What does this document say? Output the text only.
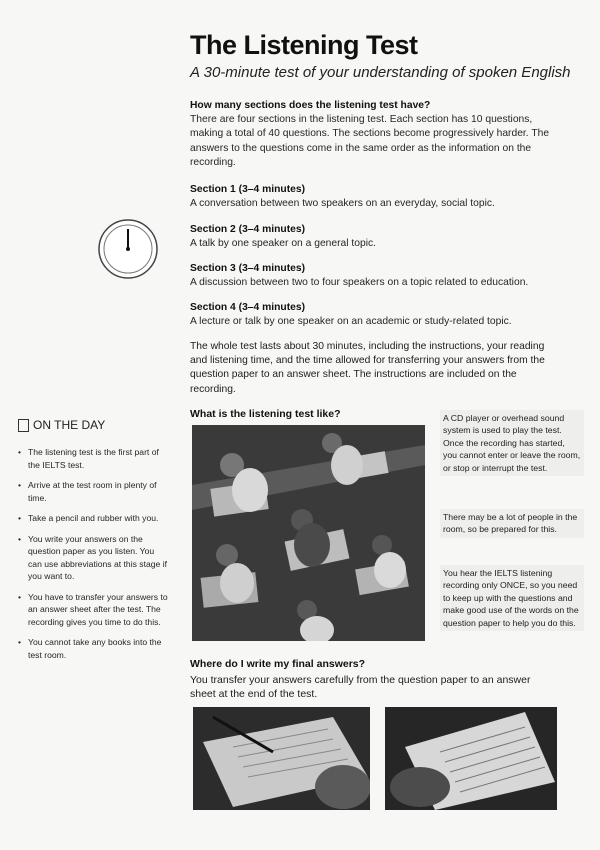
The Listening Test
A 30-minute test of your understanding of spoken English
How many sections does the listening test have?
There are four sections in the listening test. Each section has 10 questions, making a total of 40 questions. The sections become progressively harder. The answers to the questions come in the same order as the information on the recording.
Section 1 (3–4 minutes)
A conversation between two speakers on an everyday, social topic.
Section 2 (3–4 minutes)
A talk by one speaker on a general topic.
Section 3 (3–4 minutes)
A discussion between two to four speakers on a topic related to education.
Section 4 (3–4 minutes)
A lecture or talk by one speaker on an academic or study-related topic.
The whole test lasts about 30 minutes, including the instructions, your reading and listening time, and the time allowed for transferring your answers from the question paper to an answer sheet. The instructions are included on the recording.
ON THE DAY
• The listening test is the first part of the IELTS test.
• Arrive at the test room in plenty of time.
• Take a pencil and rubber with you.
• You write your answers on the question paper as you listen. You can use abbreviations at this stage if you want to.
• You have to transfer your answers to an answer sheet after the test. The recording gives you time to do this.
• You cannot take any books into the test room.
What is the listening test like?	A CD player or overhead sound system is used to play the test. Once the recording has started, you cannot enter or leave the room, or stop or interrupt the test.
There may be a lot of people in the room, so be prepared for this.
You hear the IELTS listening recording only ONCE, so you need to keep up with the questions and make good use of the words on the question paper to help you do this.
Where do I write my final answers?
You transfer your answers carefully from the question paper to an answer sheet at the end of the test.
